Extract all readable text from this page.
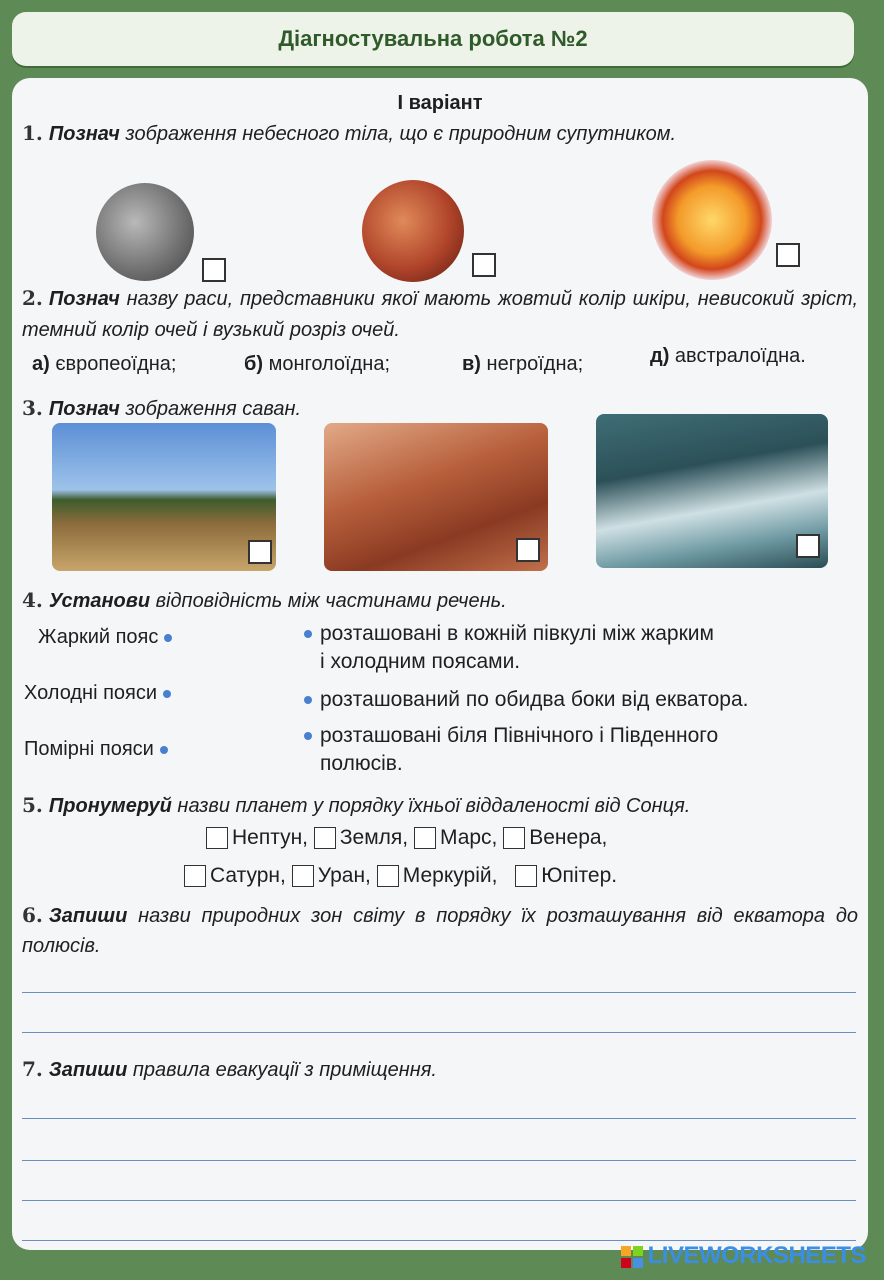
Діагностувальна робота №2
І варіант
1. Познач зображення небесного тіла, що є природним супутником.
2. Познач назву раси, представники якої мають жовтий колір шкіри, невисокий зріст, темний колір очей і вузький розріз очей.
а) європеоїдна;	б) монголоїдна;	в) негроїдна;	д) австралоїдна.
3. Познач зображення саван.
4. Установи відповідність між частинами речень.
Жаркий пояс
Холодні пояси
Помірні пояси
розташовані в кожній півкулі між жарким
і холодним поясами.
розташований по обидва боки від екватора.
розташовані біля Північного і Південного
полюсів.
5. Пронумеруй назви планет у порядку їхньої віддаленості від Сонця.
Нептун, Земля, Марс, Венера,
Сатурн, Уран, Меркурій, Юпітер.
6. Запиши назви природних зон світу в порядку їх розташування від екватора до полюсів.
7. Запиши правила евакуації з приміщення.
LIVEWORKSHEETS
